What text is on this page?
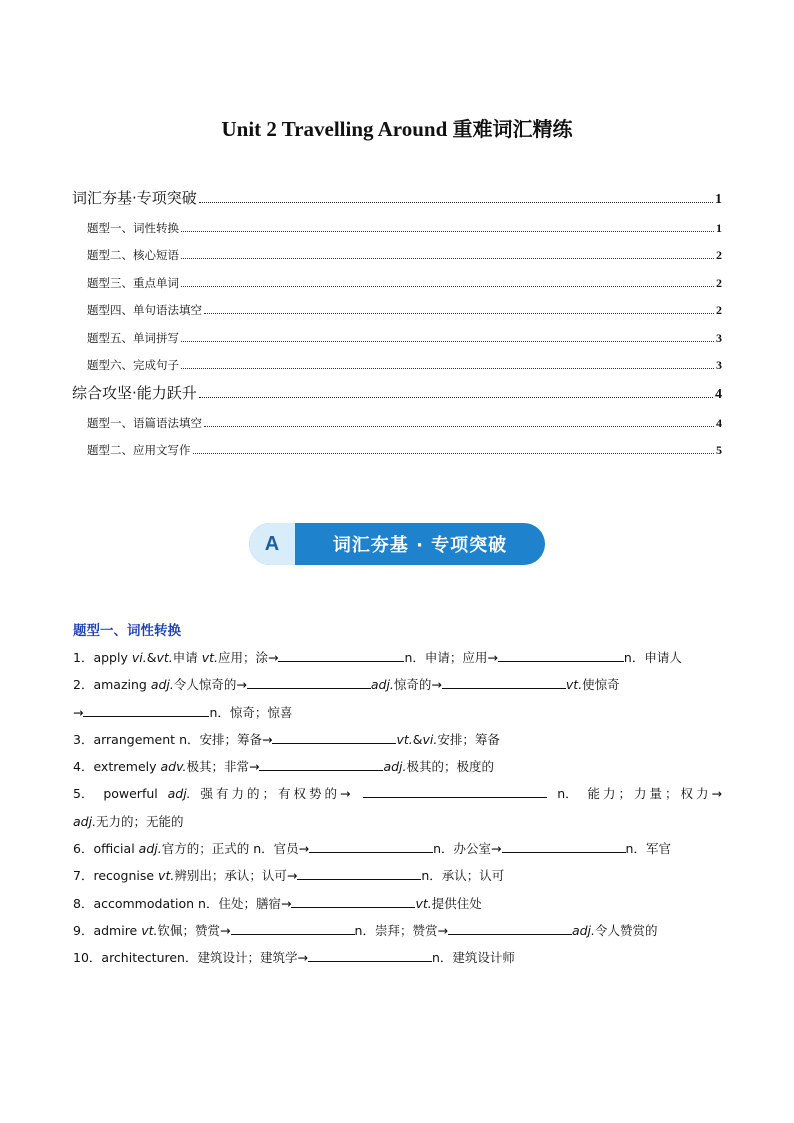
Unit 2 Travelling Around 重难词汇精练
词汇夯基·专项突破	1
题型一、词性转换	1
题型二、核心短语	2
题型三、重点单词	2
题型四、单句语法填空	2
题型五、单词拼写	3
题型六、完成句子	3
综合攻坚·能力跃升	4
题型一、语篇语法填空	4
题型二、应用文写作	5
A	词汇夯基 · 专项突破
题型一、词性转换
1．apply vi.&vt.申请 vt.应用；涂→	n．申请；应用→	n．申请人
2．amazing adj.令人惊奇的→	adj.惊奇的→	vt.使惊奇
→	n．惊奇；惊喜
3．arrangement n．安排；筹备→	vt.&vi.安排；筹备
4．extremely adv.极其；非常→	adj.极其的；极度的
5． powerful adj. 强有力的；有权势的→	n． 能力；力量；权力→
adj.无力的；无能的
6．official adj.官方的；正式的 n．官员→	n．办公室→	n．军官
7．recognise vt.辨别出；承认；认可→	n．承认；认可
8．accommodation n．住处；膳宿→	vt.提供住处
9．admire vt.钦佩；赞赏→	n．崇拜；赞赏→	adj.令人赞赏的
10．architecturen．建筑设计；建筑学→	n．建筑设计师
